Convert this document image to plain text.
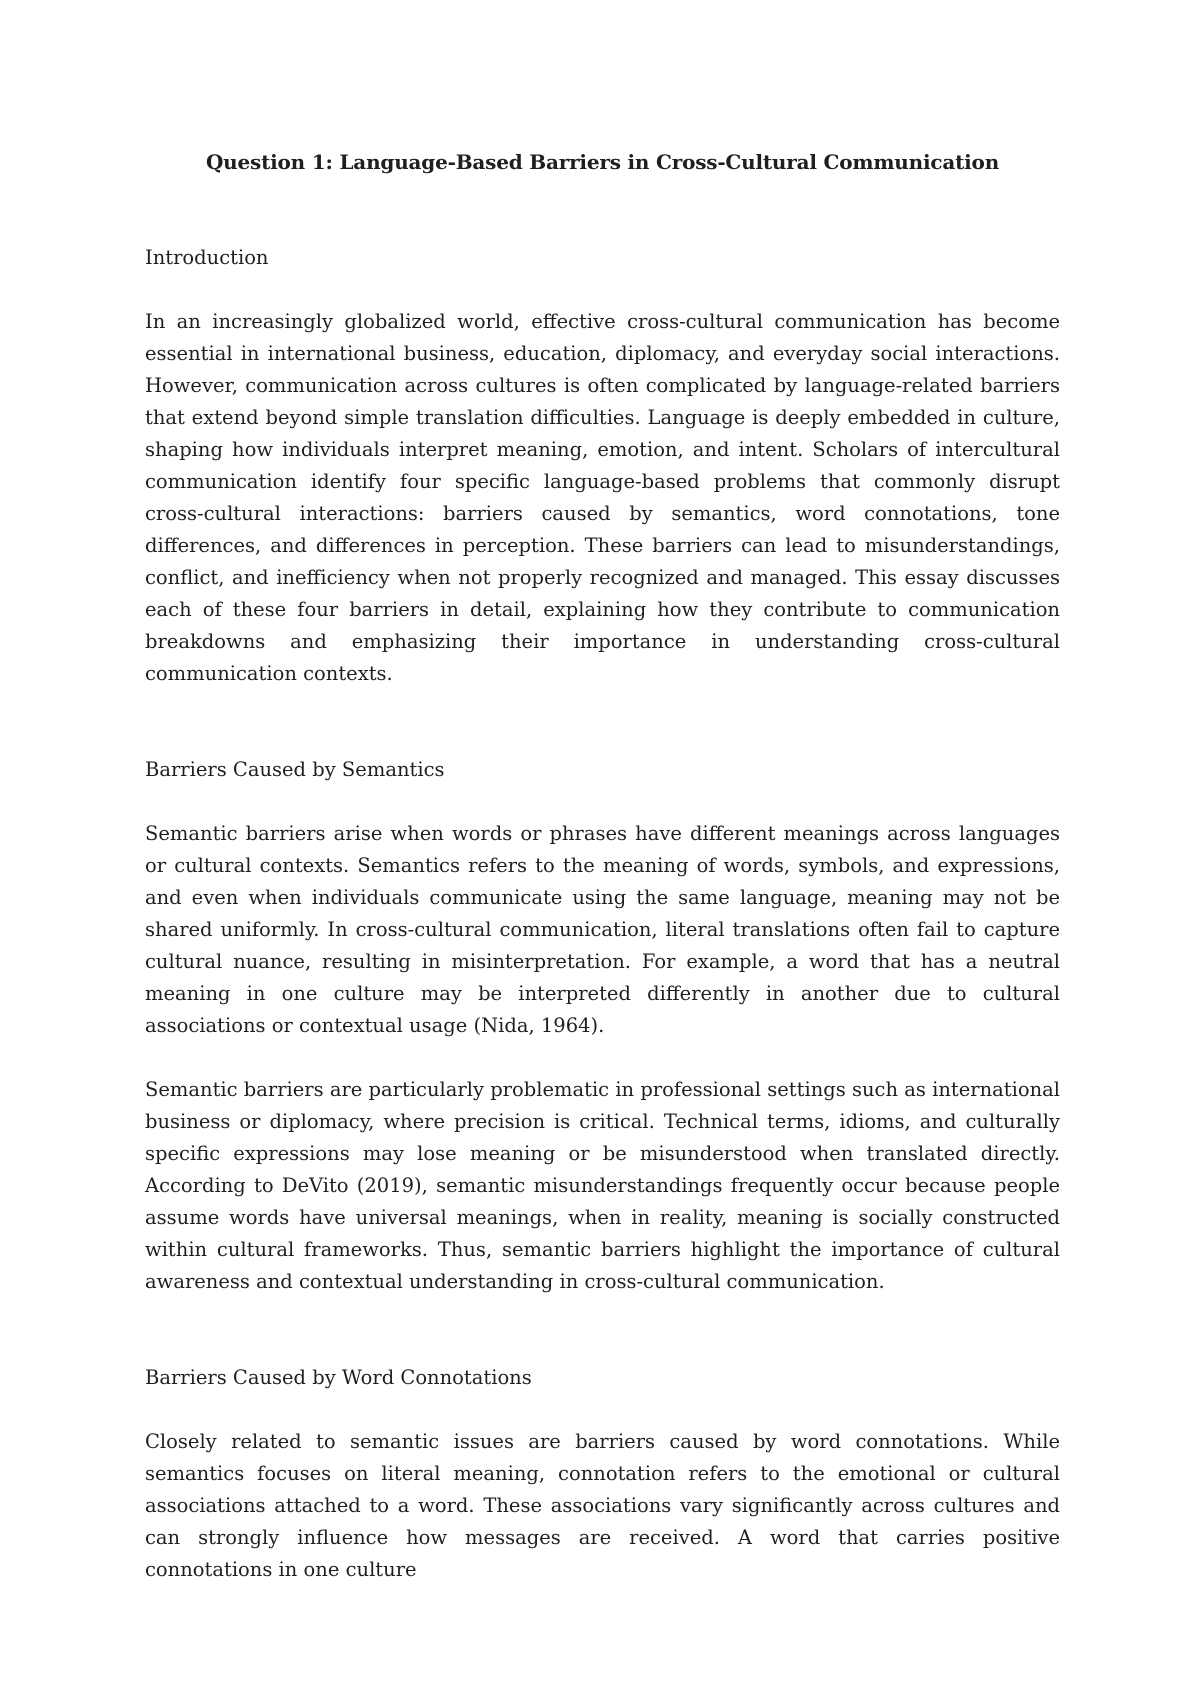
Question 1: Language-Based Barriers in Cross-Cultural Communication
Introduction

In an increasingly globalized world, effective cross-cultural communication has become essential in international business, education, diplomacy, and everyday social interactions. However, communication across cultures is often complicated by language-related barriers that extend beyond simple translation difficulties. Language is deeply embedded in culture, shaping how individuals interpret meaning, emotion, and intent. Scholars of intercultural communication identify four specific language-based problems that commonly disrupt cross-cultural interactions: barriers caused by semantics, word connotations, tone differences, and differences in perception. These barriers can lead to misunderstandings, conflict, and inefficiency when not properly recognized and managed. This essay discusses each of these four barriers in detail, explaining how they contribute to communication breakdowns and emphasizing their importance in understanding cross-cultural communication contexts.

Barriers Caused by Semantics

Semantic barriers arise when words or phrases have different meanings across languages or cultural contexts. Semantics refers to the meaning of words, symbols, and expressions, and even when individuals communicate using the same language, meaning may not be shared uniformly. In cross-cultural communication, literal translations often fail to capture cultural nuance, resulting in misinterpretation. For example, a word that has a neutral meaning in one culture may be interpreted differently in another due to cultural associations or contextual usage (Nida, 1964).

Semantic barriers are particularly problematic in professional settings such as international business or diplomacy, where precision is critical. Technical terms, idioms, and culturally specific expressions may lose meaning or be misunderstood when translated directly. According to DeVito (2019), semantic misunderstandings frequently occur because people assume words have universal meanings, when in reality, meaning is socially constructed within cultural frameworks. Thus, semantic barriers highlight the importance of cultural awareness and contextual understanding in cross-cultural communication.

Barriers Caused by Word Connotations

Closely related to semantic issues are barriers caused by word connotations. While semantics focuses on literal meaning, connotation refers to the emotional or cultural associations attached to a word. These associations vary significantly across cultures and can strongly influence how messages are received. A word that carries positive connotations in one culture
